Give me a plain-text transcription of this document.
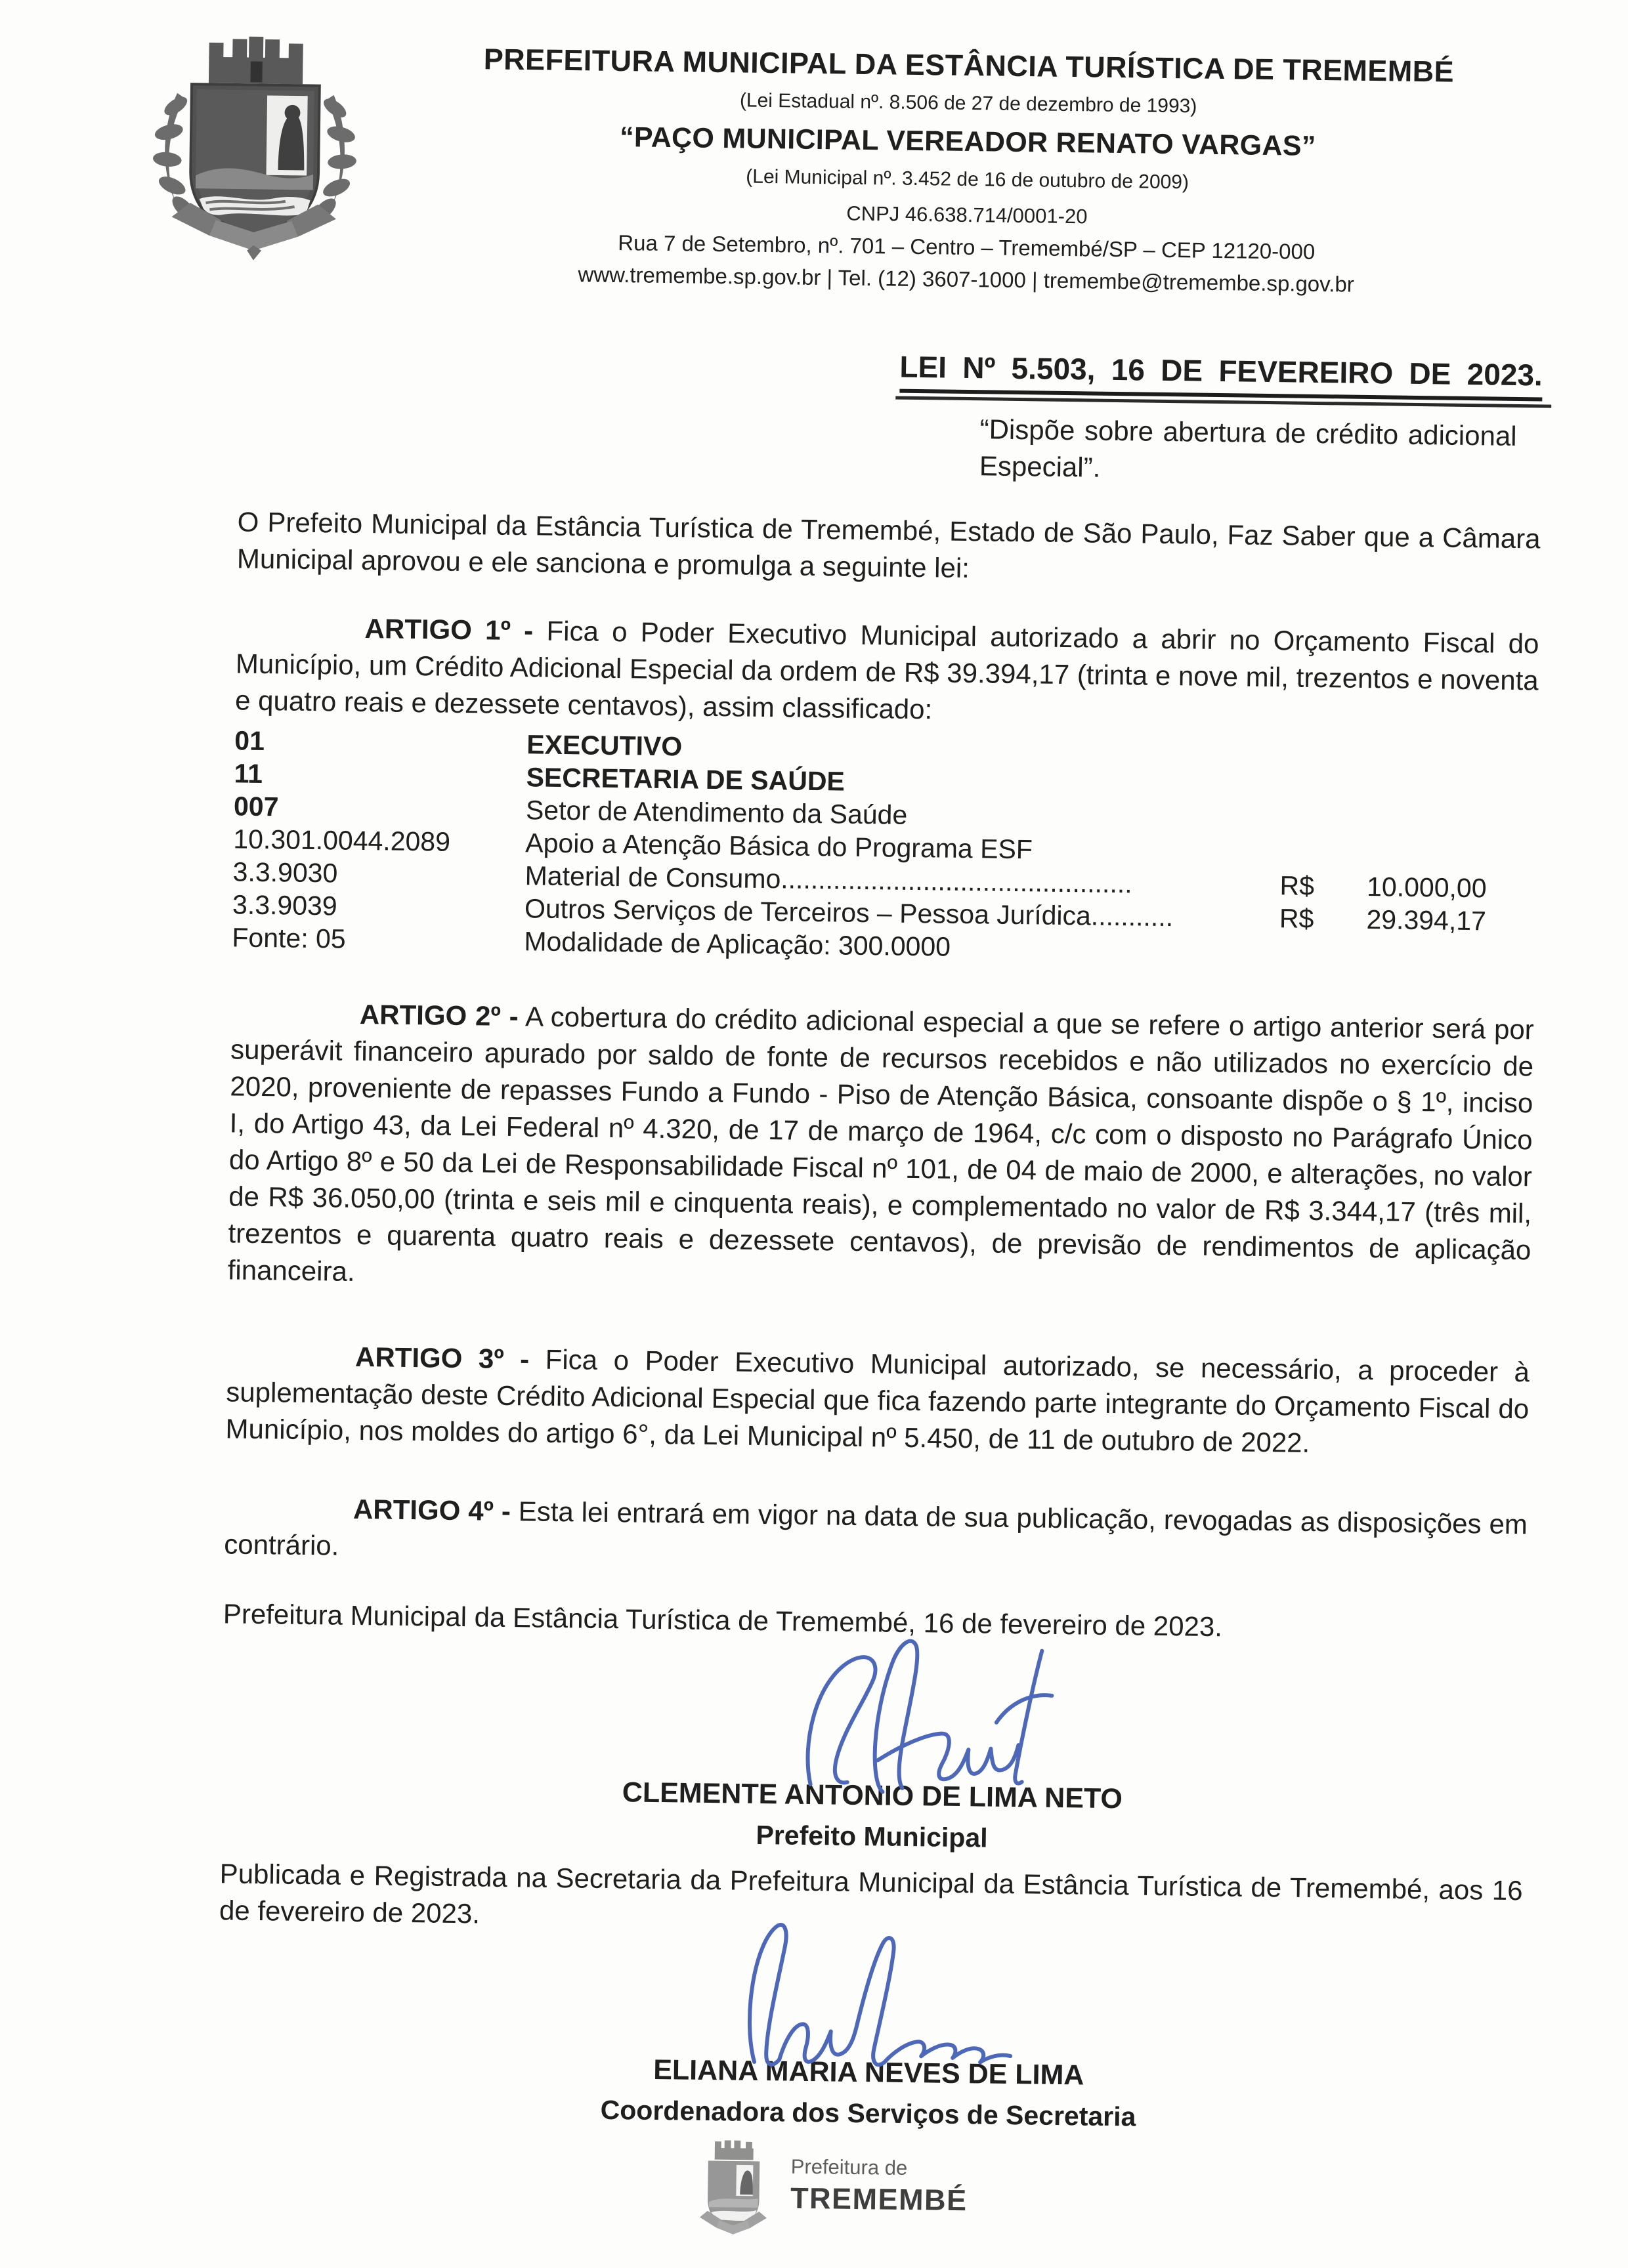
PREFEITURA MUNICIPAL DA ESTÂNCIA TURÍSTICA DE TREMEMBÉ
(Lei Estadual nº. 8.506 de 27 de dezembro de 1993)
“PAÇO MUNICIPAL VEREADOR RENATO VARGAS”
(Lei Municipal nº. 3.452 de 16 de outubro de 2009)
CNPJ 46.638.714/0001-20
Rua 7 de Setembro, nº. 701 – Centro – Tremembé/SP – CEP 12120-000
www.tremembe.sp.gov.br | Tel. (12) 3607-1000 | tremembe@tremembe.sp.gov.br
LEI Nº 5.503, 16 DE FEVEREIRO DE 2023.
“Dispõe sobre abertura de crédito adicional Especial”.

O Prefeito Municipal da Estância Turística de Tremembé, Estado de São Paulo, Faz Saber que a Câmara Municipal aprovou e ele sanciona e promulga a seguinte lei:

ARTIGO 1º - Fica o Poder Executivo Municipal autorizado a abrir no Orçamento Fiscal do Município, um Crédito Adicional Especial da ordem de R$ 39.394,17 (trinta e nove mil, trezentos e noventa e quatro reais e dezessete centavos), assim classificado:

01	EXECUTIVO
11	SECRETARIA DE SAÚDE
007	Setor de Atendimento da Saúde
10.301.0044.2089	Apoio a Atenção Básica do Programa ESF
3.3.9030	Material de Consumo...............................................	R$	10.000,00
3.3.9039	Outros Serviços de Terceiros – Pessoa Jurídica...........	R$	29.394,17
Fonte: 05	Modalidade de Aplicação: 300.0000

ARTIGO 2º - A cobertura do crédito adicional especial a que se refere o artigo anterior será por superávit financeiro apurado por saldo de fonte de recursos recebidos e não utilizados no exercício de 2020, proveniente de repasses Fundo a Fundo - Piso de Atenção Básica, consoante dispõe o § 1º, inciso I, do Artigo 43, da Lei Federal nº 4.320, de 17 de março de 1964, c/c com o disposto no Parágrafo Único do Artigo 8º e 50 da Lei de Responsabilidade Fiscal nº 101, de 04 de maio de 2000, e alterações, no valor de R$ 36.050,00 (trinta e seis mil e cinquenta reais), e complementado no valor de R$ 3.344,17 (três mil, trezentos e quarenta quatro reais e dezessete centavos), de previsão de rendimentos de aplicação financeira.

ARTIGO 3º - Fica o Poder Executivo Municipal autorizado, se necessário, a proceder à suplementação deste Crédito Adicional Especial que fica fazendo parte integrante do Orçamento Fiscal do Município, nos moldes do artigo 6°, da Lei Municipal nº 5.450, de 11 de outubro de 2022.

ARTIGO 4º - Esta lei entrará em vigor na data de sua publicação, revogadas as disposições em contrário.

Prefeitura Municipal da Estância Turística de Tremembé, 16 de fevereiro de 2023.

CLEMENTE ANTONIO DE LIMA NETO
Prefeito Municipal

Publicada e Registrada na Secretaria da Prefeitura Municipal da Estância Turística de Tremembé, aos 16 de fevereiro de 2023.

ELIANA MARIA NEVES DE LIMA
Coordenadora dos Serviços de Secretaria
Prefeitura de
TREMEMBÉ
